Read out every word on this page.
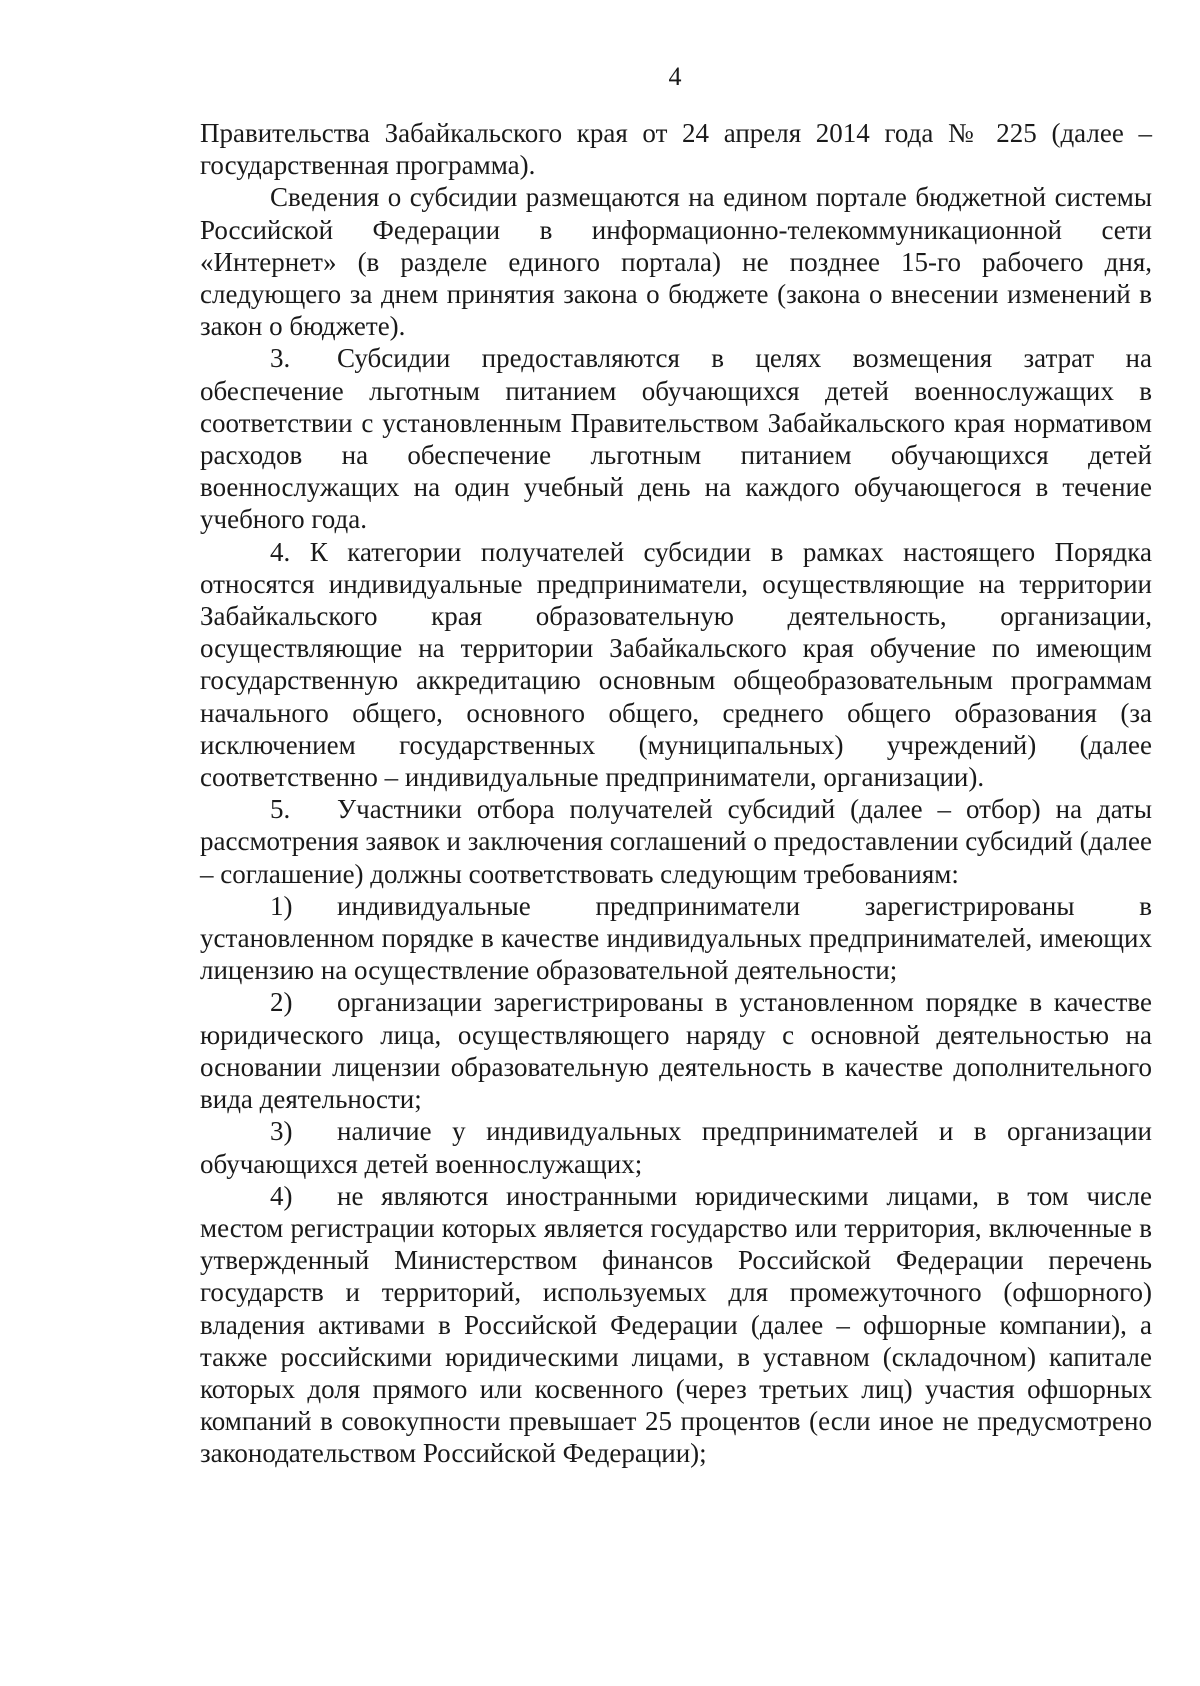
4

Правительства Забайкальского края от 24 апреля 2014 года № 225 (далее – государственная программа).

Сведения о субсидии размещаются на едином портале бюджетной системы Российской Федерации в информационно-телекоммуникационной сети «Интернет» (в разделе единого портала) не позднее 15-го рабочего дня, следующего за днем принятия закона о бюджете (закона о внесении изменений в закон о бюджете).

3. Субсидии предоставляются в целях возмещения затрат на обеспечение льготным питанием обучающихся детей военнослужащих в соответствии с установленным Правительством Забайкальского края нормативом расходов на обеспечение льготным питанием обучающихся детей военнослужащих на один учебный день на каждого обучающегося в течение учебного года.

4. К категории получателей субсидии в рамках настоящего Порядка относятся индивидуальные предприниматели, осуществляющие на территории Забайкальского края образовательную деятельность, организации, осуществляющие на территории Забайкальского края обучение по имеющим государственную аккредитацию основным общеобразовательным программам начального общего, основного общего, среднего общего образования (за исключением государственных (муниципальных) учреждений) (далее соответственно – индивидуальные предприниматели, организации).

5. Участники отбора получателей субсидий (далее – отбор) на даты рассмотрения заявок и заключения соглашений о предоставлении субсидий (далее – соглашение) должны соответствовать следующим требованиям:

1) индивидуальные предприниматели зарегистрированы в установленном порядке в качестве индивидуальных предпринимателей, имеющих лицензию на осуществление образовательной деятельности;

2) организации зарегистрированы в установленном порядке в качестве юридического лица, осуществляющего наряду с основной деятельностью на основании лицензии образовательную деятельность в качестве дополнительного вида деятельности;

3) наличие у индивидуальных предпринимателей и в организации обучающихся детей военнослужащих;

4) не являются иностранными юридическими лицами, в том числе местом регистрации которых является государство или территория, включенные в утвержденный Министерством финансов Российской Федерации перечень государств и территорий, используемых для промежуточного (офшорного) владения активами в Российской Федерации (далее – офшорные компании), а также российскими юридическими лицами, в уставном (складочном) капитале которых доля прямого или косвенного (через третьих лиц) участия офшорных компаний в совокупности превышает 25 процентов (если иное не предусмотрено законодательством Российской Федерации);
